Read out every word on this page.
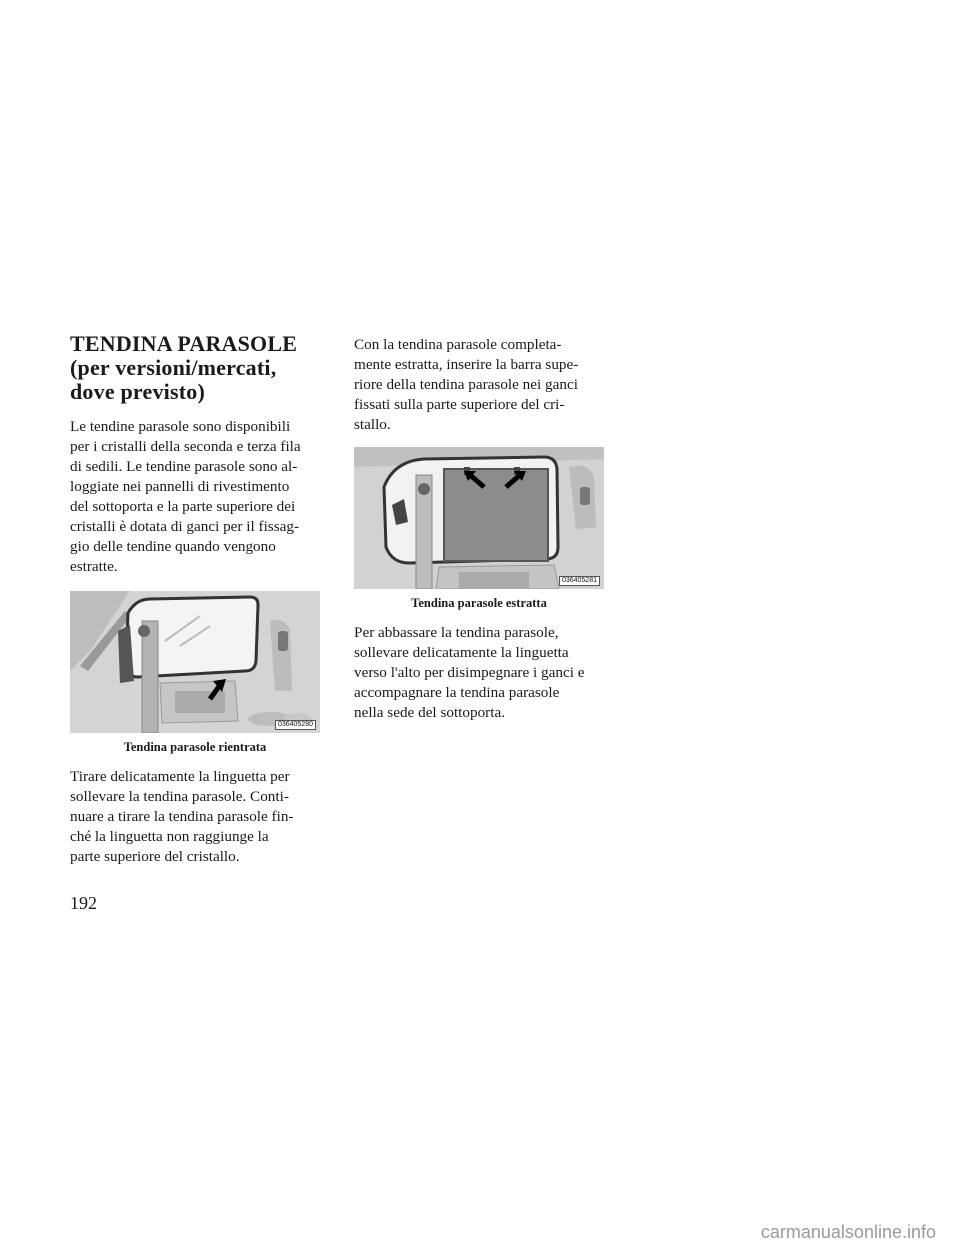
TENDINA PARASOLE
(per versioni/mercati,
dove previsto)

Le tendine parasole sono disponibili
per i cristalli della seconda e terza fila
di sedili. Le tendine parasole sono al-
loggiate nei pannelli di rivestimento
del sottoporta e la parte superiore dei
cristalli è dotata di ganci per il fissag-
gio delle tendine quando vengono
estratte.

036405280
Tendina parasole rientrata

Tirare delicatamente la linguetta per
sollevare la tendina parasole. Conti-
nuare a tirare la tendina parasole fin-
ché la linguetta non raggiunge la
parte superiore del cristallo.

Con la tendina parasole completa-
mente estratta, inserire la barra supe-
riore della tendina parasole nei ganci
fissati sulla parte superiore del cri-
stallo.

036405281
Tendina parasole estratta

Per abbassare la tendina parasole,
sollevare delicatamente la linguetta
verso l'alto per disimpegnare i ganci e
accompagnare la tendina parasole
nella sede del sottoporta.

192
carmanualsonline.info
